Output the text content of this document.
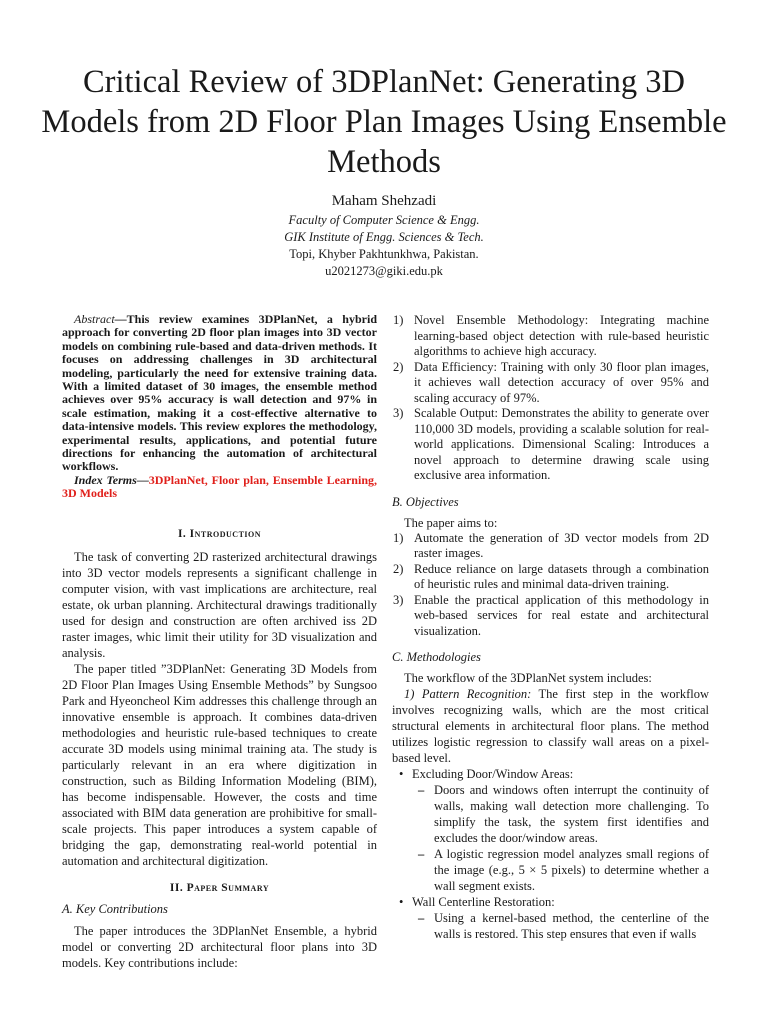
Critical Review of 3DPlanNet: Generating 3D Models from 2D Floor Plan Images Using Ensemble Methods
Maham Shehzadi
Faculty of Computer Science & Engg.
GIK Institute of Engg. Sciences & Tech.
Topi, Khyber Pakhtunkhwa, Pakistan.
u2021273@giki.edu.pk

Abstract—This review examines 3DPlanNet, a hybrid approach for converting 2D floor plan images into 3D vector models on combining rule-based and data-driven methods. It focuses on addressing challenges in 3D architectural modeling, particularly the need for extensive training data. With a limited dataset of 30 images, the ensemble method achieves over 95% accuracy is wall detection and 97% in scale estimation, making it a cost-effective alternative to data-intensive models. This review explores the methodology, experimental results, applications, and potential future directions for enhancing the automation of architectural workflows.

Index Terms—3DPlanNet, Floor plan, Ensemble Learning, 3D Models

I. Introduction

The task of converting 2D rasterized architectural drawings into 3D vector models represents a significant challenge in computer vision, with vast implications are architecture, real estate, ok urban planning. Architectural drawings traditionally used for design and construction are often archived iss 2D raster images, whic limit their utility for 3D visualization and analysis.

The paper titled ”3DPlanNet: Generating 3D Models from 2D Floor Plan Images Using Ensemble Methods” by Sungsoo Park and Hyeoncheol Kim addresses this challenge through an innovative ensemble is approach. It combines data-driven methodologies and heuristic rule-based techniques to create accurate 3D models using minimal training ata. The study is particularly relevant in an era where digitization in construction, such as Bilding Information Modeling (BIM), has become indispensable. However, the costs and time associated with BIM data generation are prohibitive for small-scale projects. This paper introduces a system capable of bridging the gap, demonstrating real-world potential in automation and architectural digitization.

II. Paper Summary

A. Key Contributions

The paper introduces the 3DPlanNet Ensemble, a hybrid model or converting 2D architectural floor plans into 3D models. Key contributions include:

1) Novel Ensemble Methodology: Integrating machine learning-based object detection with rule-based heuristic algorithms to achieve high accuracy.
2) Data Efficiency: Training with only 30 floor plan images, it achieves wall detection accuracy of over 95% and scaling accuracy of 97%.
3) Scalable Output: Demonstrates the ability to generate over 110,000 3D models, providing a scalable solution for real-world applications. Dimensional Scaling: Introduces a novel approach to determine drawing scale using exclusive area information.

B. Objectives

The paper aims to:

1) Automate the generation of 3D vector models from 2D raster images.
2) Reduce reliance on large datasets through a combination of heuristic rules and minimal data-driven training.
3) Enable the practical application of this methodology in web-based services for real estate and architectural visualization.

C. Methodologies

The workflow of the 3DPlanNet system includes:

1) Pattern Recognition: The first step in the workflow involves recognizing walls, which are the most critical structural elements in architectural floor plans. The method utilizes logistic regression to classify wall areas on a pixel-based level.

• Excluding Door/Window Areas:
– Doors and windows often interrupt the continuity of walls, making wall detection more challenging. To simplify the task, the system first identifies and excludes the door/window areas.
– A logistic regression model analyzes small regions of the image (e.g., 5 × 5 pixels) to determine whether a wall segment exists.
• Wall Centerline Restoration:
– Using a kernel-based method, the centerline of the walls is restored. This step ensures that even if walls
